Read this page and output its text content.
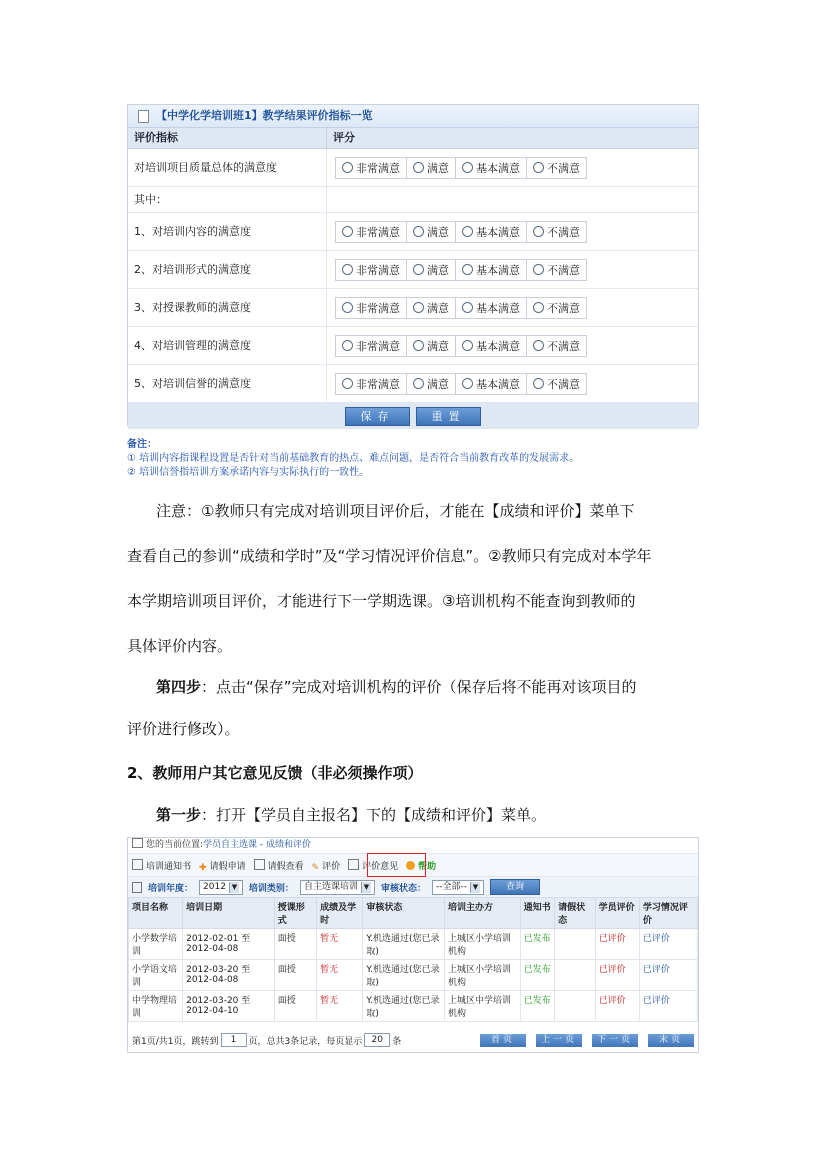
【中学化学培训班1】教学结果评价指标一览
评价指标	评分
对培训项目质量总体的满意度	非常满意 满意 基本满意 不满意
其中：
1、对培训内容的满意度	非常满意 满意 基本满意 不满意
2、对培训形式的满意度	非常满意 满意 基本满意 不满意
3、对授课教师的满意度	非常满意 满意 基本满意 不满意
4、对培训管理的满意度	非常满意 满意 基本满意 不满意
5、对培训信誉的满意度	非常满意 满意 基本满意 不满意
保存	重置
备注：
① 培训内容指课程设置是否针对当前基础教育的热点、难点问题，是否符合当前教育改革的发展需求。
② 培训信誉指培训方案承诺内容与实际执行的一致性。
注意：①教师只有完成对培训项目评价后，才能在【成绩和评价】菜单下
查看自己的参训“成绩和学时”及“学习情况评价信息”。②教师只有完成对本学年
本学期培训项目评价，才能进行下一学期选课。③培训机构不能查询到教师的
具体评价内容。
第四步：点击“保存”完成对培训机构的评价（保存后将不能再对该项目的
评价进行修改）。
2、教师用户其它意见反馈（非必须操作项）
第一步：打开【学员自主报名】下的【成绩和评价】菜单。
您的当前位置:学员自主选课 - 成绩和评价
培训通知书 ✚ 请假申请	请假查看 ✎ 评价	评价意见	帮助
培训年度： 2012 ▼ 培训类别： 自主选课培训 ▼ 审核状态： --全部-- ▼	查询
项目名称	培训日期	授课形式	成绩及学时	审核状态	培训主办方	通知书	请假状态	学员评价	学习情况评价
小学数学培训	2012-02-01 至2012-04-08	面授	暂无	Y.机选通过(您已录取)	上城区小学培训机构	已发布		已评价	已评价
小学语文培训	2012-03-20 至2012-04-08	面授	暂无	Y.机选通过(您已录取)	上城区小学培训机构	已发布		已评价	已评价
中学物理培训	2012-03-20 至2012-04-10	面授	暂无	Y.机选通过(您已录取)	上城区中学培训机构	已发布		已评价	已评价
第1页/共1页，跳转到	1	页，总共3条记录，每页显示	20	条	首页	上一页	下一页	末页
